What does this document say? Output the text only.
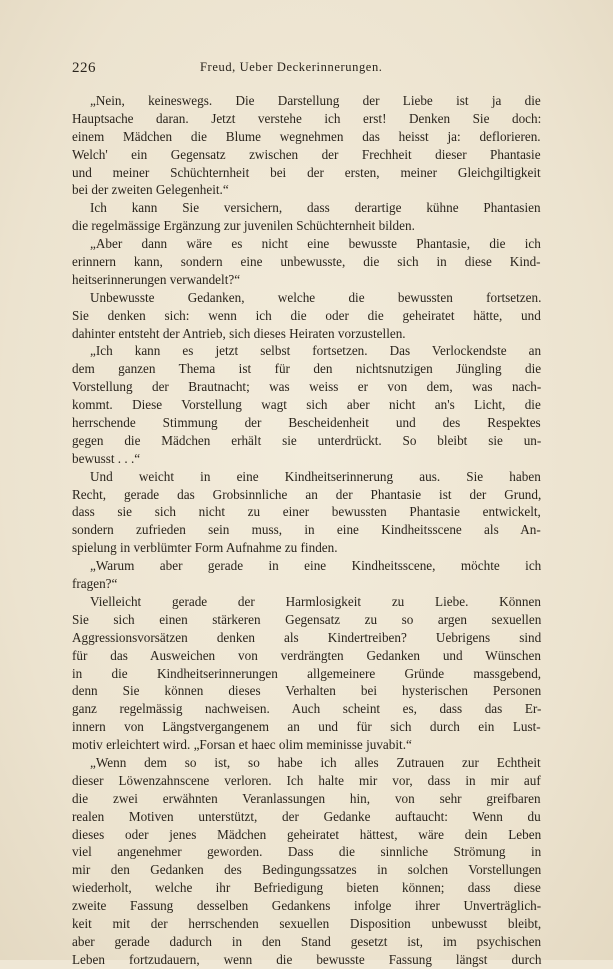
226	Freud, Ueber Deckerinnerungen.
„Nein, keineswegs. Die Darstellung der Liebe ist ja die
Hauptsache daran. Jetzt verstehe ich erst! Denken Sie doch:
einem Mädchen die Blume wegnehmen das heisst ja: deflorieren.
Welch' ein Gegensatz zwischen der Frechheit dieser Phantasie
und meiner Schüchternheit bei der ersten, meiner Gleichgiltigkeit
bei der zweiten Gelegenheit.“
Ich kann Sie versichern, dass derartige kühne Phantasien
die regelmässige Ergänzung zur juvenilen Schüchternheit bilden.
„Aber dann wäre es nicht eine bewusste Phantasie, die ich
erinnern kann, sondern eine unbewusste, die sich in diese Kind-
heitserinnerungen verwandelt?“
Unbewusste Gedanken, welche die bewussten fortsetzen.
Sie denken sich: wenn ich die oder die geheiratet hätte, und
dahinter entsteht der Antrieb, sich dieses Heiraten vorzustellen.
„Ich kann es jetzt selbst fortsetzen. Das Verlockendste an
dem ganzen Thema ist für den nichtsnutzigen Jüngling die
Vorstellung der Brautnacht; was weiss er von dem, was nach-
kommt. Diese Vorstellung wagt sich aber nicht an's Licht, die
herrschende Stimmung der Bescheidenheit und des Respektes
gegen die Mädchen erhält sie unterdrückt. So bleibt sie un-
bewusst . . .“
Und weicht in eine Kindheitserinnerung aus. Sie haben
Recht, gerade das Grobsinnliche an der Phantasie ist der Grund,
dass sie sich nicht zu einer bewussten Phantasie entwickelt,
sondern zufrieden sein muss, in eine Kindheitsscene als An-
spielung in verblümter Form Aufnahme zu finden.
„Warum aber gerade in eine Kindheitsscene, möchte ich
fragen?“
Vielleicht gerade der Harmlosigkeit zu Liebe. Können
Sie sich einen stärkeren Gegensatz zu so argen sexuellen
Aggressionsvorsätzen denken als Kindertreiben? Uebrigens sind
für das Ausweichen von verdrängten Gedanken und Wünschen
in die Kindheitserinnerungen allgemeinere Gründe massgebend,
denn Sie können dieses Verhalten bei hysterischen Personen
ganz regelmässig nachweisen. Auch scheint es, dass das Er-
innern von Längstvergangenem an und für sich durch ein Lust-
motiv erleichtert wird. „Forsan et haec olim meminisse juvabit.“
„Wenn dem so ist, so habe ich alles Zutrauen zur Echtheit
dieser Löwenzahnscene verloren. Ich halte mir vor, dass in mir auf
die zwei erwähnten Veranlassungen hin, von sehr greifbaren
realen Motiven unterstützt, der Gedanke auftaucht: Wenn du
dieses oder jenes Mädchen geheiratet hättest, wäre dein Leben
viel angenehmer geworden. Dass die sinnliche Strömung in
mir den Gedanken des Bedingungssatzes in solchen Vorstellungen
wiederholt, welche ihr Befriedigung bieten können; dass diese
zweite Fassung desselben Gedankens infolge ihrer Unverträglich-
keit mit der herrschenden sexuellen Disposition unbewusst bleibt,
aber gerade dadurch in den Stand gesetzt ist, im psychischen
Leben fortzudauern, wenn die bewusste Fassung längst durch
